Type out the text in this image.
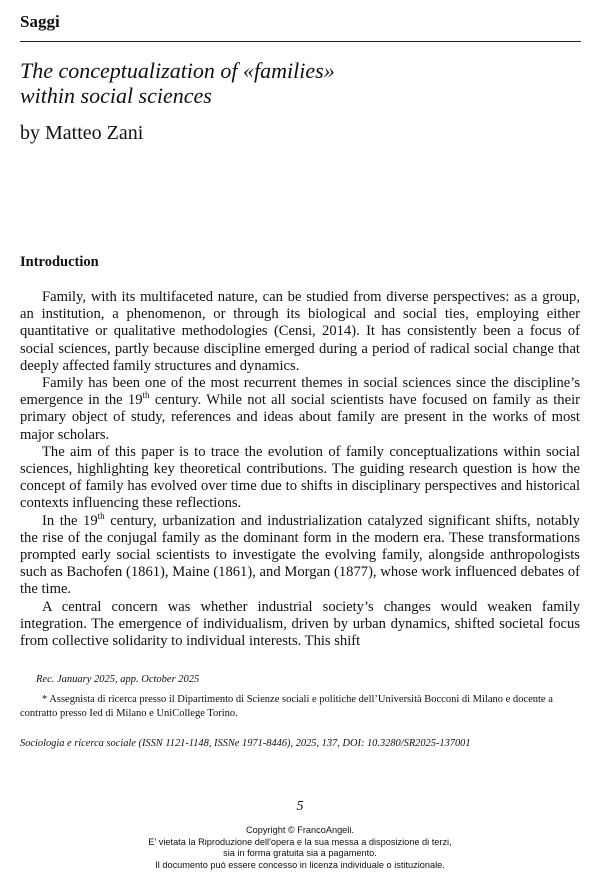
Saggi
The conceptualization of «families»
within social sciences
by Matteo Zani
Introduction

Family, with its multifaceted nature, can be studied from diverse perspectives: as a group, an institution, a phenomenon, or through its biological and social ties, employing either quantitative or qualitative methodologies (Censi, 2014). It has consistently been a focus of social sciences, partly because discipline emerged during a period of radical social change that deeply affected family structures and dynamics.

Family has been one of the most recurrent themes in social sciences since the discipline’s emergence in the 19th century. While not all social scientists have focused on family as their primary object of study, references and ideas about family are present in the works of most major scholars.

The aim of this paper is to trace the evolution of family conceptualizations within social sciences, highlighting key theoretical contributions. The guiding research question is how the concept of family has evolved over time due to shifts in disciplinary perspectives and historical contexts influencing these reflections.

In the 19th century, urbanization and industrialization catalyzed significant shifts, notably the rise of the conjugal family as the dominant form in the modern era. These transformations prompted early social scientists to investigate the evolving family, alongside anthropologists such as Bachofen (1861), Maine (1861), and Morgan (1877), whose work influenced debates of the time.

A central concern was whether industrial society’s changes would weaken family integration. The emergence of individualism, driven by urban dynamics, shifted societal focus from collective solidarity to individual interests. This shift

Rec. January 2025, app. October 2025
* Assegnista di ricerca presso il Dipartimento di Scienze sociali e politiche dell’Università Bocconi di Milano e docente a contratto presso Ied di Milano e UniCollege Torino.
Sociologia e ricerca sociale (ISSN 1121-1148, ISSNe 1971-8446), 2025, 137, DOI: 10.3280/SR2025-137001
5
Copyright © FrancoAngeli.
E' vietata la Riproduzione dell'opera e la sua messa a disposizione di terzi,
sia in forma gratuita sia a pagamento.
Il documento può essere concesso in licenza individuale o istituzionale.
